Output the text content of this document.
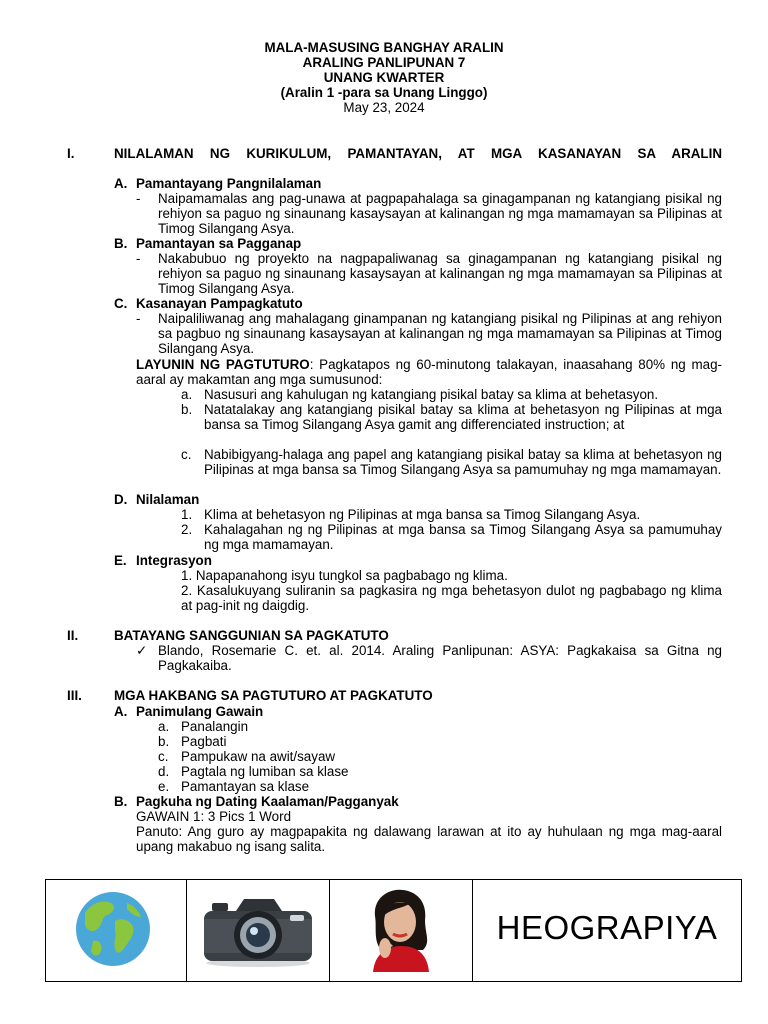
MALA-MASUSING BANGHAY ARALIN
ARALING PANLIPUNAN 7
UNANG KWARTER
(Aralin 1 -para sa Unang Linggo)
May 23, 2024
I.	NILALAMAN NG KURIKULUM, PAMANTAYAN, AT MGA KASANAYAN SA ARALIN
A. Pamantayang Pangnilalaman
- Naipamamalas ang pag-unawa at pagpapahalaga sa ginagampanan ng katangiang pisikal ng rehiyon sa paguo ng sinaunang kasaysayan at kalinangan ng mga mamamayan sa Pilipinas at Timog Silangang Asya.
B. Pamantayan sa Pagganap
- Nakabubuo ng proyekto na nagpapaliwanag sa ginagampanan ng katangiang pisikal ng rehiyon sa paguo ng sinaunang kasaysayan at kalinangan ng mga mamamayan sa Pilipinas at Timog Silangang Asya.
C. Kasanayan Pampagkatuto
- Naipaliliwanag ang mahalagang ginampanan ng katangiang pisikal ng Pilipinas at ang rehiyon sa pagbuo ng sinaunang kasaysayan at kalinangan ng mga mamamayan sa Pilipinas at Timog Silangang Asya.
LAYUNIN NG PAGTUTURO: Pagkatapos ng 60-minutong talakayan, inaasahang 80% ng mag-aaral ay makamtan ang mga sumusunod:
a. Nasusuri ang kahulugan ng katangiang pisikal batay sa klima at behetasyon.
b. Natatalakay ang katangiang pisikal batay sa klima at behetasyon ng Pilipinas at mga bansa sa Timog Silangang Asya gamit ang differenciated instruction; at
c. Nabibigyang-halaga ang papel ang katangiang pisikal batay sa klima at behetasyon ng Pilipinas at mga bansa sa Timog Silangang Asya sa pamumuhay ng mga mamamayan.
D. Nilalaman
1. Klima at behetasyon ng Pilipinas at mga bansa sa Timog Silangang Asya.
2. Kahalagahan ng ng Pilipinas at mga bansa sa Timog Silangang Asya sa pamumuhay ng mga mamamayan.
E. Integrasyon
1. Napapanahong isyu tungkol sa pagbabago ng klima.
2. Kasalukuyang suliranin sa pagkasira ng mga behetasyon dulot ng pagbabago ng klima at pag-init ng daigdig.
II.	BATAYANG SANGGUNIAN SA PAGKATUTO
✓ Blando, Rosemarie C. et. al. 2014. Araling Panlipunan: ASYA: Pagkakaisa sa Gitna ng Pagkakaiba.
III. MGA HAKBANG SA PAGTUTURO AT PAGKATUTO
A. Panimulang Gawain
a. Panalangin
b. Pagbati
c. Pampukaw na awit/sayaw
d. Pagtala ng lumiban sa klase
e. Pamantayan sa klase
B. Pagkuha ng Dating Kaalaman/Pagganyak
GAWAIN 1: 3 Pics 1 Word
Panuto: Ang guro ay magpapakita ng dalawang larawan at ito ay huhulaan ng mga mag-aaral upang makabuo ng isang salita.
			HEOGRAPIYA
